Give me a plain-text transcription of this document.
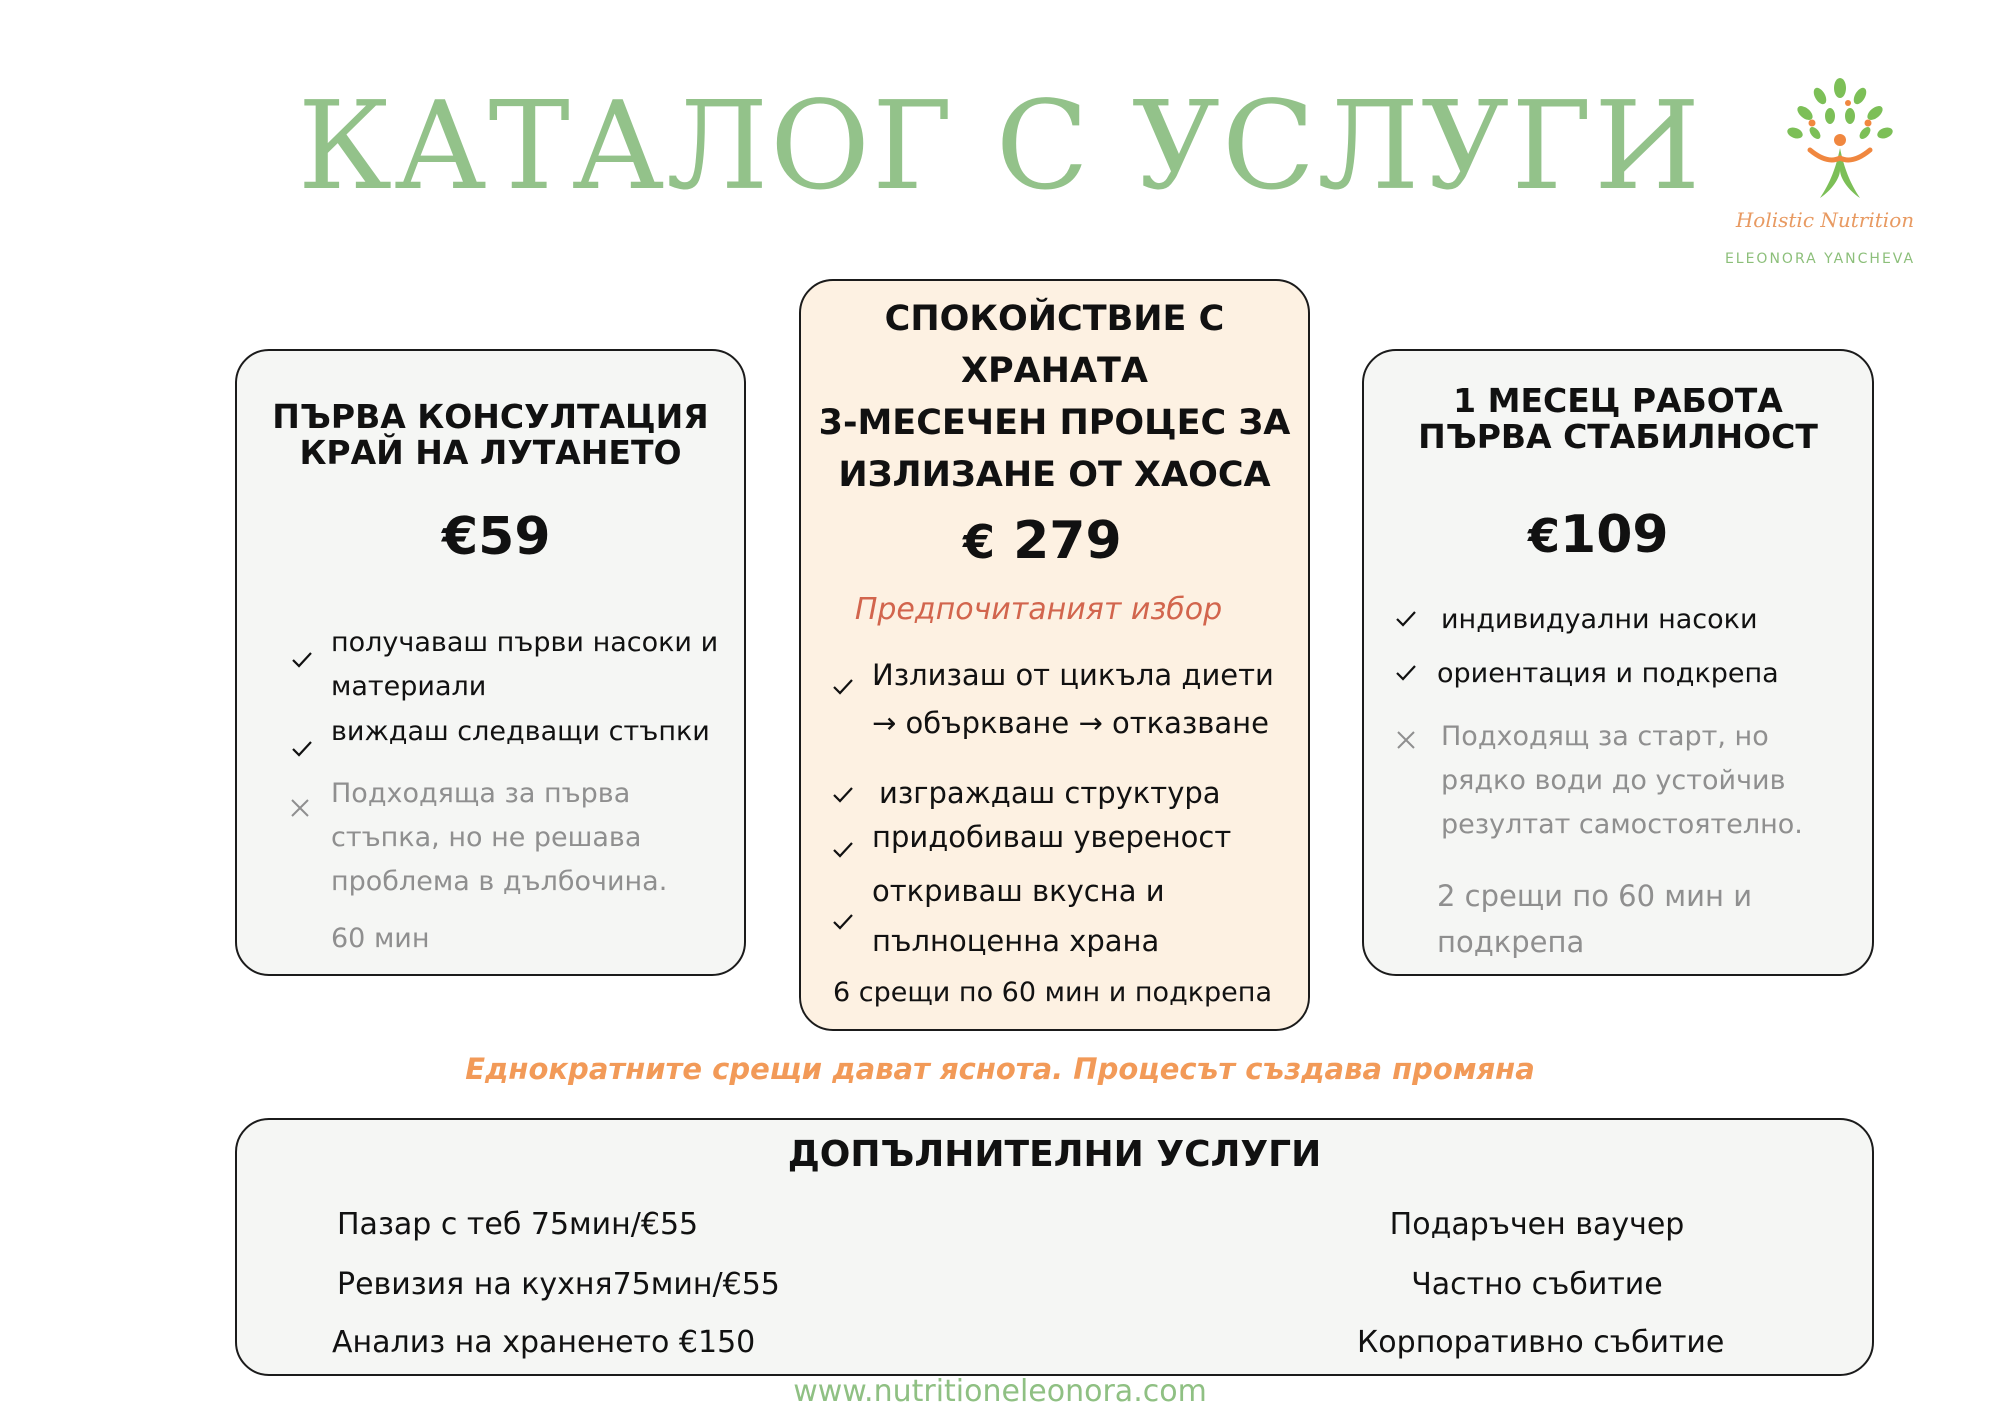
КАТАЛОГ С УСЛУГИ
Holistic Nutrition
ELEONORA YANCHEVA
ПЪРВА КОНСУЛТАЦИЯ
КРАЙ НА ЛУТАНЕТО
€59
получаваш първи насоки и
материали
виждаш следващи стъпки
Подходяща за първа
стъпка, но не решава
проблема в дълбочина.
60 мин
СПОКОЙСТВИЕ С
ХРАНАТА
3-МЕСЕЧЕН ПРОЦЕС ЗА
ИЗЛИЗАНЕ ОТ ХАОСА
€ 279
Предпочитаният избор
Излизаш от цикъла диети
→ объркване → отказване
изграждаш структура
придобиваш увереност
откриваш вкусна и
пълноценна храна
6 срещи по 60 мин и подкрепа
1 МЕСЕЦ РАБОТА
ПЪРВА СТАБИЛНОСТ
€109
индивидуални насоки
ориентация и подкрепа
Подходящ за старт, но
рядко води до устойчив
резултат самостоятелно.
2 срещи по 60 мин и
подкрепа
Еднократните срещи дават яснота. Процесът създава промяна
ДОПЪЛНИТЕЛНИ УСЛУГИ
Пазар с теб 75мин/€55
Ревизия на кухня75мин/€55
Анализ на храненето €150
Подаръчен ваучер
Частно събитие
Корпоративно събитие
www.nutritioneleonora.com
